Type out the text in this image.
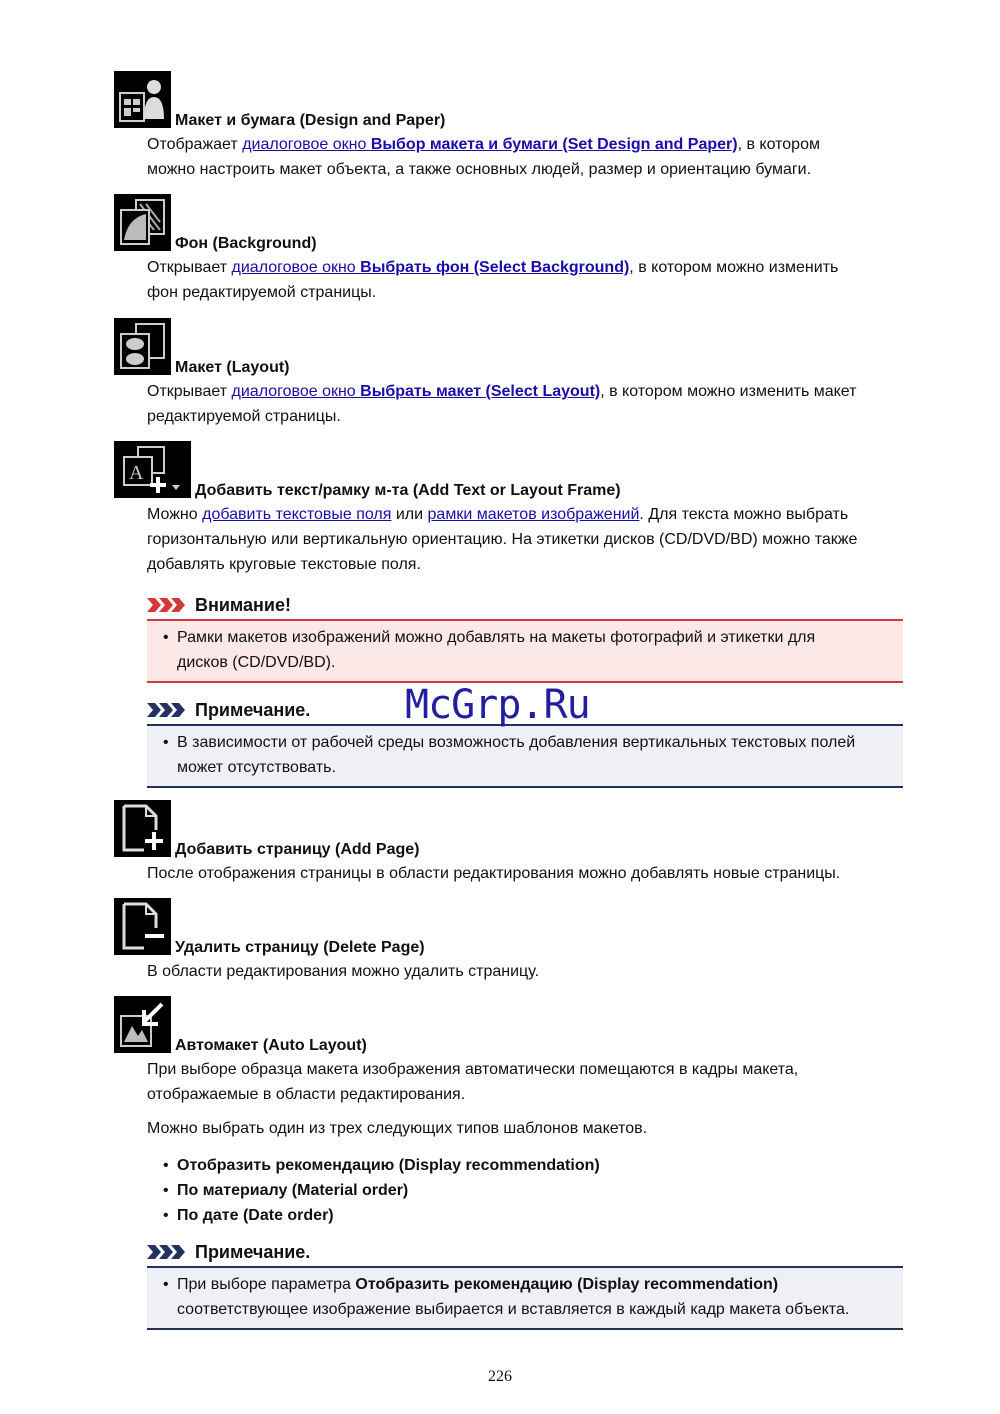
Макет и бумага (Design and Paper)

Отображает диалоговое окно Выбор макета и бумаги (Set Design and Paper), в котором

можно настроить макет объекта, а также основных людей, размер и ориентацию бумаги.

Фон (Background)

Открывает диалоговое окно Выбрать фон (Select Background), в котором можно изменить

фон редактируемой страницы.

Макет (Layout)

Открывает диалоговое окно Выбрать макет (Select Layout), в котором можно изменить макет

редактируемой страницы.

A
Добавить текст/рамку м-та (Add Text or Layout Frame)

Можно добавить текстовые поля или рамки макетов изображений. Для текста можно выбрать

горизонтальную или вертикальную ориентацию. На этикетки дисков (CD/DVD/BD) можно также

добавлять круговые текстовые поля.

Внимание!
• Рамки макетов изображений можно добавлять на макеты фотографий и этикетки для
дисков (CD/DVD/BD).
Примечание.
• В зависимости от рабочей среды возможность добавления вертикальных текстовых полей
может отсутствовать.
McGrp.Ru
Добавить страницу (Add Page)

После отображения страницы в области редактирования можно добавлять новые страницы.

Удалить страницу (Delete Page)

В области редактирования можно удалить страницу.

Автомакет (Auto Layout)

При выборе образца макета изображения автоматически помещаются в кадры макета,

отображаемые в области редактирования.

Можно выбрать один из трех следующих типов шаблонов макетов.

• Отобразить рекомендацию (Display recommendation)
• По материалу (Material order)
• По дате (Date order)
Примечание.
• При выборе параметра Отобразить рекомендацию (Display recommendation)
соответствующее изображение выбирается и вставляется в каждый кадр макета объекта.
226
